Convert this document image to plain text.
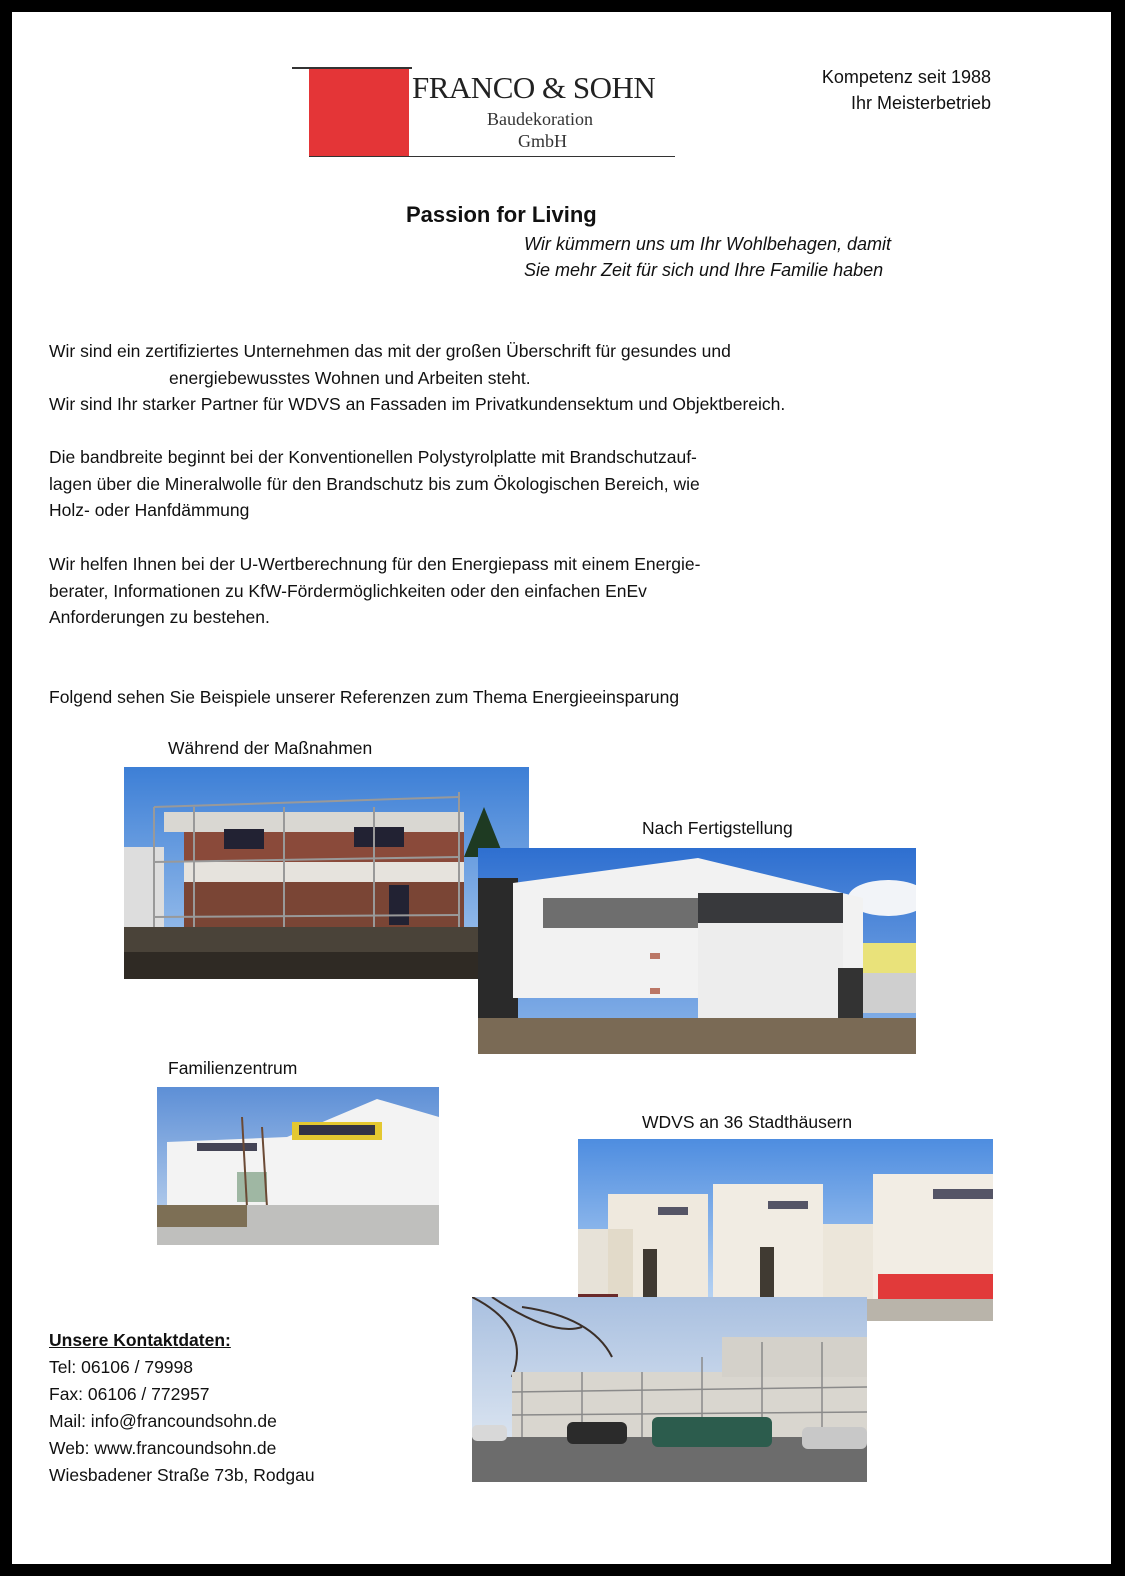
FRANCO & SOHN
Baudekoration
GmbH
Kompetenz seit 1988
Ihr Meisterbetrieb
Passion for Living
Wir kümmern uns um Ihr Wohlbehagen, damit
Sie mehr Zeit für sich und Ihre Familie haben
Wir sind ein zertifiziertes Unternehmen das mit der großen Überschrift für gesundes und
energiebewusstes Wohnen und Arbeiten steht.
Wir sind Ihr starker Partner für WDVS an Fassaden im Privatkundensektum und Objektbereich.
Die bandbreite beginnt bei der Konventionellen Polystyrolplatte mit Brandschutzauf-
lagen über die Mineralwolle für den Brandschutz bis zum Ökologischen Bereich, wie
Holz- oder Hanfdämmung
Wir helfen Ihnen bei der U-Wertberechnung für den Energiepass mit einem Energie-
berater, Informationen zu KfW-Fördermöglichkeiten oder den einfachen EnEv
Anforderungen zu bestehen.
Folgend sehen Sie Beispiele unserer Referenzen zum Thema Energieeinsparung
Während der Maßnahmen
Nach Fertigstellung
Familienzentrum
WDVS an 36 Stadthäusern
Unsere Kontaktdaten:
Tel: 06106 / 79998
Fax: 06106 / 772957
Mail: info@francoundsohn.de
Web: www.francoundsohn.de
Wiesbadener Straße 73b, Rodgau
